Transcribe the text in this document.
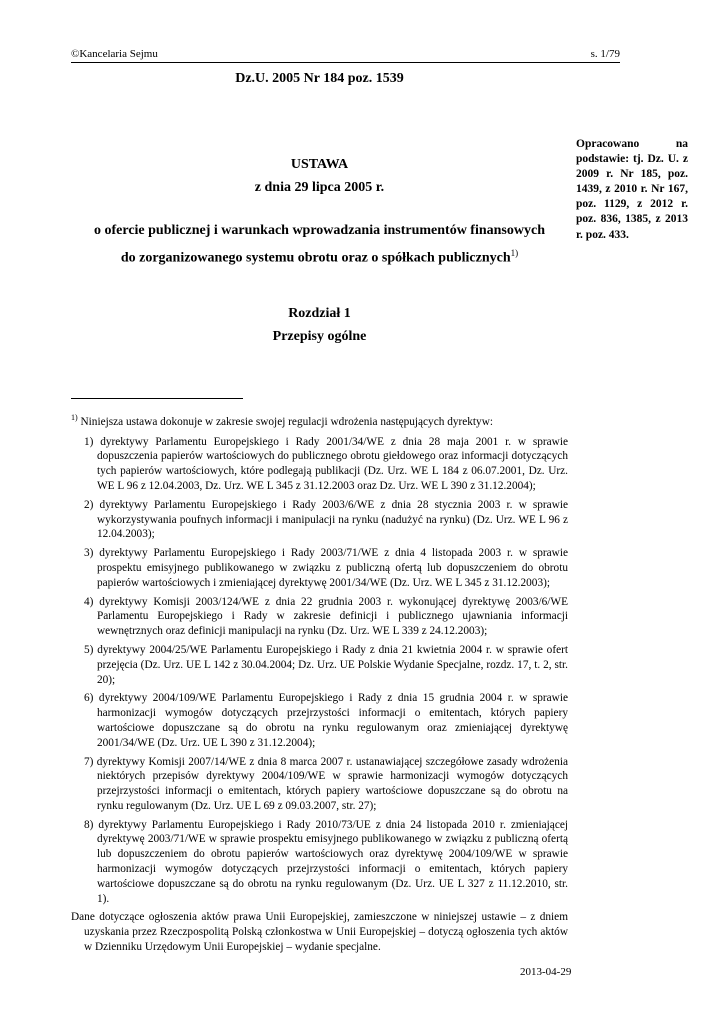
©Kancelaria Sejmu	s. 1/79
Dz.U. 2005 Nr 184 poz. 1539
Opracowano na podstawie: tj. Dz. U. z 2009 r. Nr 185, poz. 1439, z 2010 r. Nr 167, poz. 1129, z 2012 r. poz. 836, 1385, z 2013 r. poz. 433.
USTAWA
z dnia 29 lipca 2005 r.
o ofercie publicznej i warunkach wprowadzania instrumentów finansowych
do zorganizowanego systemu obrotu oraz o spółkach publicznych$^{1)}$
Rozdział 1
Przepisy ogólne

$^{1)}$ Niniejsza ustawa dokonuje w zakresie swojej regulacji wdrożenia następujących dyrektyw:

1) dyrektywy Parlamentu Europejskiego i Rady 2001/34/WE z dnia 28 maja 2001 r. w sprawie dopuszczenia papierów wartościowych do publicznego obrotu giełdowego oraz informacji dotyczących tych papierów wartościowych, które podlegają publikacji (Dz. Urz. WE L 184 z 06.07.2001, Dz. Urz. WE L 96 z 12.04.2003, Dz. Urz. WE L 345 z 31.12.2003 oraz Dz. Urz. WE L 390 z 31.12.2004);
2) dyrektywy Parlamentu Europejskiego i Rady 2003/6/WE z dnia 28 stycznia 2003 r. w sprawie wykorzystywania poufnych informacji i manipulacji na rynku (nadużyć na rynku) (Dz. Urz. WE L 96 z 12.04.2003);
3) dyrektywy Parlamentu Europejskiego i Rady 2003/71/WE z dnia 4 listopada 2003 r. w sprawie prospektu emisyjnego publikowanego w związku z publiczną ofertą lub dopuszczeniem do obrotu papierów wartościowych i zmieniającej dyrektywę 2001/34/WE (Dz. Urz. WE L 345 z 31.12.2003);
4) dyrektywy Komisji 2003/124/WE z dnia 22 grudnia 2003 r. wykonującej dyrektywę 2003/6/WE Parlamentu Europejskiego i Rady w zakresie definicji i publicznego ujawniania informacji wewnętrznych oraz definicji manipulacji na rynku (Dz. Urz. WE L 339 z 24.12.2003);
5) dyrektywy 2004/25/WE Parlamentu Europejskiego i Rady z dnia 21 kwietnia 2004 r. w sprawie ofert przejęcia (Dz. Urz. UE L 142 z 30.04.2004; Dz. Urz. UE Polskie Wydanie Specjalne, rozdz. 17, t. 2, str. 20);
6) dyrektywy 2004/109/WE Parlamentu Europejskiego i Rady z dnia 15 grudnia 2004 r. w sprawie harmonizacji wymogów dotyczących przejrzystości informacji o emitentach, których papiery wartościowe dopuszczane są do obrotu na rynku regulowanym oraz zmieniającej dyrektywę 2001/34/WE (Dz. Urz. UE L 390 z 31.12.2004);
7) dyrektywy Komisji 2007/14/WE z dnia 8 marca 2007 r. ustanawiającej szczegółowe zasady wdrożenia niektórych przepisów dyrektywy 2004/109/WE w sprawie harmonizacji wymogów dotyczących przejrzystości informacji o emitentach, których papiery wartościowe dopuszczane są do obrotu na rynku regulowanym (Dz. Urz. UE L 69 z 09.03.2007, str. 27);
8) dyrektywy Parlamentu Europejskiego i Rady 2010/73/UE z dnia 24 listopada 2010 r. zmieniającej dyrektywę 2003/71/WE w sprawie prospektu emisyjnego publikowanego w związku z publiczną ofertą lub dopuszczeniem do obrotu papierów wartościowych oraz dyrektywę 2004/109/WE w sprawie harmonizacji wymogów dotyczących przejrzystości informacji o emitentach, których papiery wartościowe dopuszczane są do obrotu na rynku regulowanym (Dz. Urz. UE L 327 z 11.12.2010, str. 1).

Dane dotyczące ogłoszenia aktów prawa Unii Europejskiej, zamieszczone w niniejszej ustawie – z dniem uzyskania przez Rzeczpospolitą Polską członkostwa w Unii Europejskiej – dotyczą ogłoszenia tych aktów w Dzienniku Urzędowym Unii Europejskiej – wydanie specjalne.

2013-04-29
